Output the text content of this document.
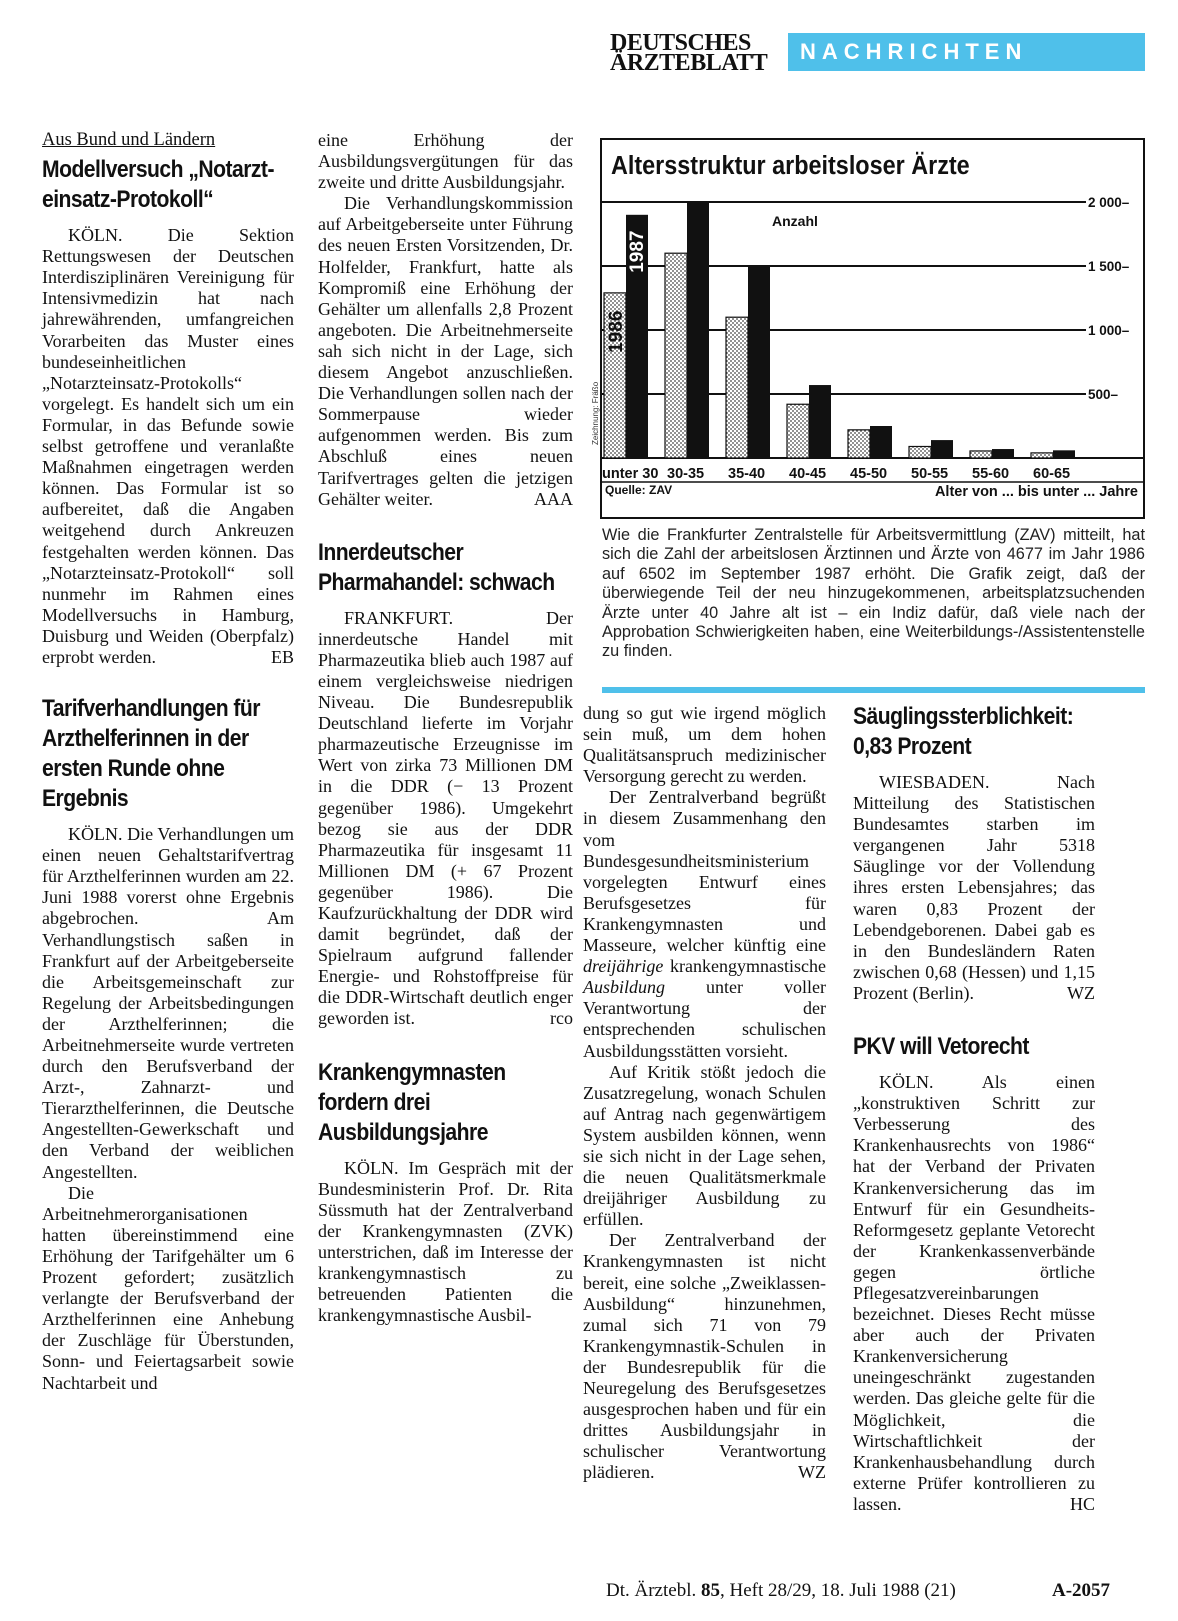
DEUTSCHES
ÄRZTEBLATT	NACHRICHTEN
Aus Bund und Ländern
Modellversuch „Notarzt-einsatz-Protokoll“

KÖLN. Die Sektion Rettungswesen der Deutschen Interdisziplinären Vereinigung für Intensivmedizin hat nach jahrewährenden, umfangreichen Vorarbeiten das Muster eines bundeseinheitlichen „Notarzteinsatz-Protokolls“ vorgelegt. Es handelt sich um ein Formular, in das Befunde sowie selbst getroffene und veranlaßte Maßnahmen eingetragen werden können. Das Formular ist so aufbereitet, daß die Angaben weitgehend durch Ankreuzen festgehalten werden können. Das „Notarzteinsatz-Protokoll“ soll nunmehr im Rahmen eines Modellversuchs in Hamburg, Duisburg und Weiden (Oberpfalz) erprobt werden.	EB

Tarifverhandlungen für Arzthelferinnen in der ersten Runde ohne Ergebnis

KÖLN. Die Verhandlungen um einen neuen Gehaltstarifvertrag für Arzthelferinnen wurden am 22. Juni 1988 vorerst ohne Ergebnis abgebrochen. Am Verhandlungstisch saßen in Frankfurt auf der Arbeitgeberseite die Arbeitsgemeinschaft zur Regelung der Arbeitsbedingungen der Arzthelferinnen; die Arbeitnehmerseite wurde vertreten durch den Berufsverband der Arzt-, Zahnarzt- und Tierarzthelferinnen, die Deutsche Angestellten-Gewerkschaft und den Verband der weiblichen Angestellten.

Die Arbeitnehmerorganisationen hatten übereinstimmend eine Erhöhung der Tarifgehälter um 6 Prozent gefordert; zusätzlich verlangte der Berufsverband der Arzthelferinnen eine Anhebung der Zuschläge für Überstunden, Sonn- und Feiertagsarbeit sowie Nachtarbeit und

eine Erhöhung der Ausbildungsvergütungen für das zweite und dritte Ausbildungsjahr.

Die Verhandlungskommission auf Arbeitgeberseite unter Führung des neuen Ersten Vorsitzenden, Dr. Holfelder, Frankfurt, hatte als Kompromiß eine Erhöhung der Gehälter um allenfalls 2,8 Prozent angeboten. Die Arbeitnehmerseite sah sich nicht in der Lage, sich diesem Angebot anzuschließen. Die Verhandlungen sollen nach der Sommerpause wieder aufgenommen werden. Bis zum Abschluß eines neuen Tarifvertrages gelten die jetzigen Gehälter weiter.	AAA

Innerdeutscher Pharmahandel: schwach

FRANKFURT. Der innerdeutsche Handel mit Pharmazeutika blieb auch 1987 auf einem vergleichsweise niedrigen Niveau. Die Bundesrepublik Deutschland lieferte im Vorjahr pharmazeutische Erzeugnisse im Wert von zirka 73 Millionen DM in die DDR (− 13 Prozent gegenüber 1986). Umgekehrt bezog sie aus der DDR Pharmazeutika für insgesamt 11 Millionen DM (+ 67 Prozent gegenüber 1986). Die Kaufzurückhaltung der DDR wird damit begründet, daß der Spielraum aufgrund fallender Energie- und Rohstoffpreise für die DDR-Wirtschaft deutlich enger geworden ist.	rco

Krankengymnasten fordern drei Ausbildungsjahre

KÖLN. Im Gespräch mit der Bundesministerin Prof. Dr. Rita Süssmuth hat der Zentralverband der Krankengymnasten (ZVK) unterstrichen, daß im Interesse der krankengymnastisch zu betreuenden Patienten die krankengymnastische Ausbil-

Altersstruktur arbeitsloser Ärzte
500–
1 000–
1 500–
2 000–
Anzahl
unter 30 30-35 35-40 40-45 45-50 50-55 55-60 60-65
1986
1987
Zeichnung: Fräßo
Quelle: ZAV	Alter von ... bis unter ... Jahre
Wie die Frankfurter Zentralstelle für Arbeitsvermittlung (ZAV) mitteilt, hat sich die Zahl der arbeitslosen Ärztinnen und Ärzte von 4677 im Jahr 1986 auf 6502 im September 1987 erhöht. Die Grafik zeigt, daß der überwiegende Teil der neu hinzugekommenen, arbeitsplatzsuchenden Ärzte unter 40 Jahre alt ist – ein Indiz dafür, daß viele nach der Approbation Schwierigkeiten haben, eine Weiterbildungs-/Assistentenstelle zu finden.

dung so gut wie irgend möglich sein muß, um dem hohen Qualitätsanspruch medizinischer Versorgung gerecht zu werden.

Der Zentralverband begrüßt in diesem Zusammenhang den vom Bundesgesundheitsministerium vorgelegten Entwurf eines Berufsgesetzes für Krankengymnasten und Masseure, welcher künftig eine dreijährige krankengymnastische Ausbildung unter voller Verantwortung der entsprechenden schulischen Ausbildungsstätten vorsieht.

Auf Kritik stößt jedoch die Zusatzregelung, wonach Schulen auf Antrag nach gegenwärtigem System ausbilden können, wenn sie sich nicht in der Lage sehen, die neuen Qualitätsmerkmale dreijähriger Ausbildung zu erfüllen.

Der Zentralverband der Krankengymnasten ist nicht bereit, eine solche „Zweiklassen-Ausbildung“ hinzunehmen, zumal sich 71 von 79 Krankengymnastik-Schulen in der Bundesrepublik für die Neuregelung des Berufsgesetzes ausgesprochen haben und für ein drittes Ausbildungsjahr in schulischer Verantwortung plädieren.	WZ

Säuglingssterblichkeit: 0,83 Prozent

WIESBADEN. Nach Mitteilung des Statistischen Bundesamtes starben im vergangenen Jahr 5318 Säuglinge vor der Vollendung ihres ersten Lebensjahres; das waren 0,83 Prozent der Lebendgeborenen. Dabei gab es in den Bundesländern Raten zwischen 0,68 (Hessen) und 1,15 Prozent (Berlin).	WZ

PKV will Vetorecht

KÖLN. Als einen „konstruktiven Schritt zur Verbesserung des Krankenhausrechts von 1986“ hat der Verband der Privaten Krankenversicherung das im Entwurf für ein Gesundheits-Reformgesetz geplante Vetorecht der Krankenkassenverbände gegen örtliche Pflegesatzvereinbarungen bezeichnet. Dieses Recht müsse aber auch der Privaten Krankenversicherung uneingeschränkt zugestanden werden. Das gleiche gelte für die Möglichkeit, die Wirtschaftlichkeit der Krankenhausbehandlung durch externe Prüfer kontrollieren zu lassen.	HC

Dt. Ärztebl. 85, Heft 28/29, 18. Juli 1988 (21)	A-2057
